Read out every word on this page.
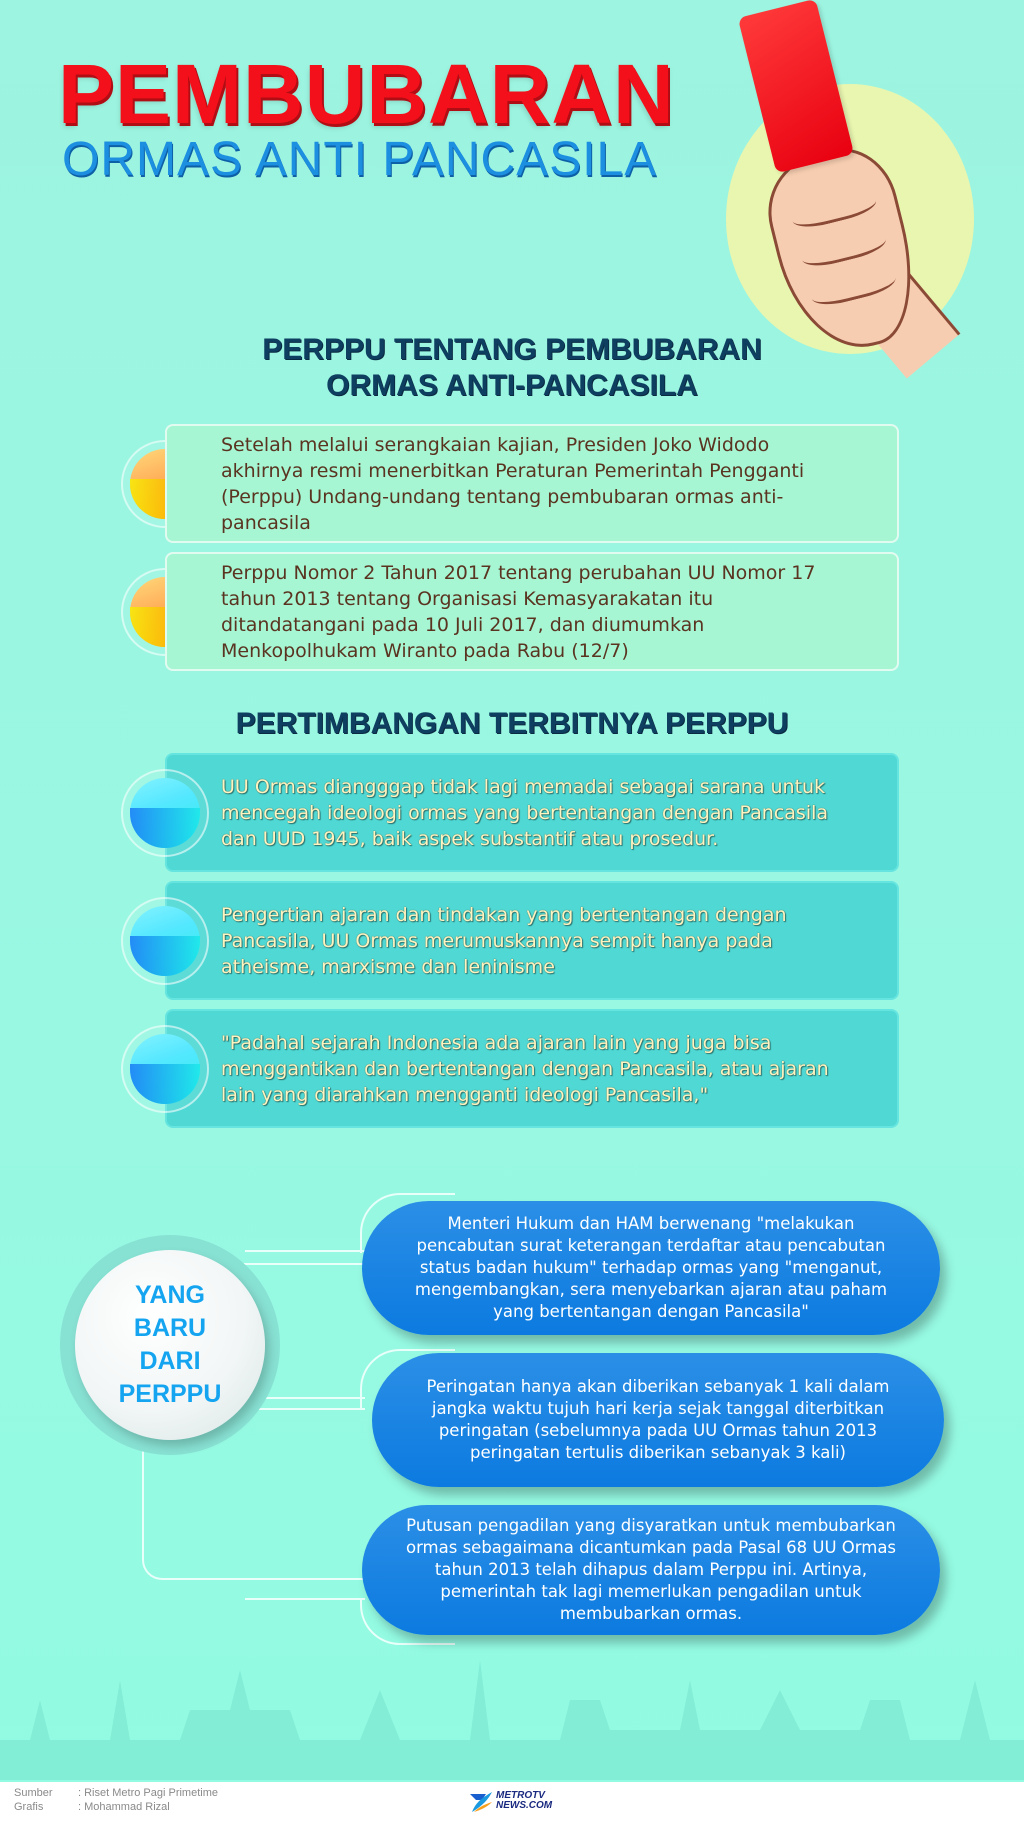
PEMBUBARAN
ORMAS ANTI PANCASILA
PERPPU TENTANG PEMBUBARAN
ORMAS ANTI-PANCASILA
Setelah melalui serangkaian kajian, Presiden Joko Widodo akhirnya resmi menerbitkan Peraturan Pemerintah Pengganti (Perppu) Undang-undang tentang pembubaran ormas anti-pancasila
Perppu Nomor 2 Tahun 2017 tentang perubahan UU Nomor 17 tahun 2013 tentang Organisasi Kemasyarakatan itu ditandatangani pada 10 Juli 2017, dan diumumkan Menkopolhukam Wiranto pada Rabu (12/7)
PERTIMBANGAN TERBITNYA PERPPU
UU Ormas diangggap tidak lagi memadai sebagai sarana untuk mencegah ideologi ormas yang bertentangan dengan Pancasila dan UUD 1945, baik aspek substantif atau prosedur.
Pengertian ajaran dan tindakan yang bertentangan dengan Pancasila, UU Ormas merumuskannya sempit hanya pada atheisme, marxisme dan leninisme
"Padahal sejarah Indonesia ada ajaran lain yang juga bisa menggantikan dan bertentangan dengan Pancasila, atau ajaran lain yang diarahkan mengganti ideologi Pancasila,"
YANG
BARU
DARI
PERPPU
Menteri Hukum dan HAM berwenang "melakukan pencabutan surat keterangan terdaftar atau pencabutan status badan hukum" terhadap ormas yang "menganut, mengembangkan, sera menyebarkan ajaran atau paham yang bertentangan dengan Pancasila"
Peringatan hanya akan diberikan sebanyak 1 kali dalam jangka waktu tujuh hari kerja sejak tanggal diterbitkan peringatan (sebelumnya pada UU Ormas tahun 2013 peringatan tertulis diberikan sebanyak 3 kali)
Putusan pengadilan yang disyaratkan untuk membubarkan ormas sebagaimana dicantumkan pada Pasal 68 UU Ormas tahun 2013 telah dihapus dalam Perppu ini. Artinya, pemerintah tak lagi memerlukan pengadilan untuk membubarkan ormas.
Sumber	: Riset Metro Pagi Primetime
Grafis	: Mohammad Rizal
METROTV
NEWS.COM
